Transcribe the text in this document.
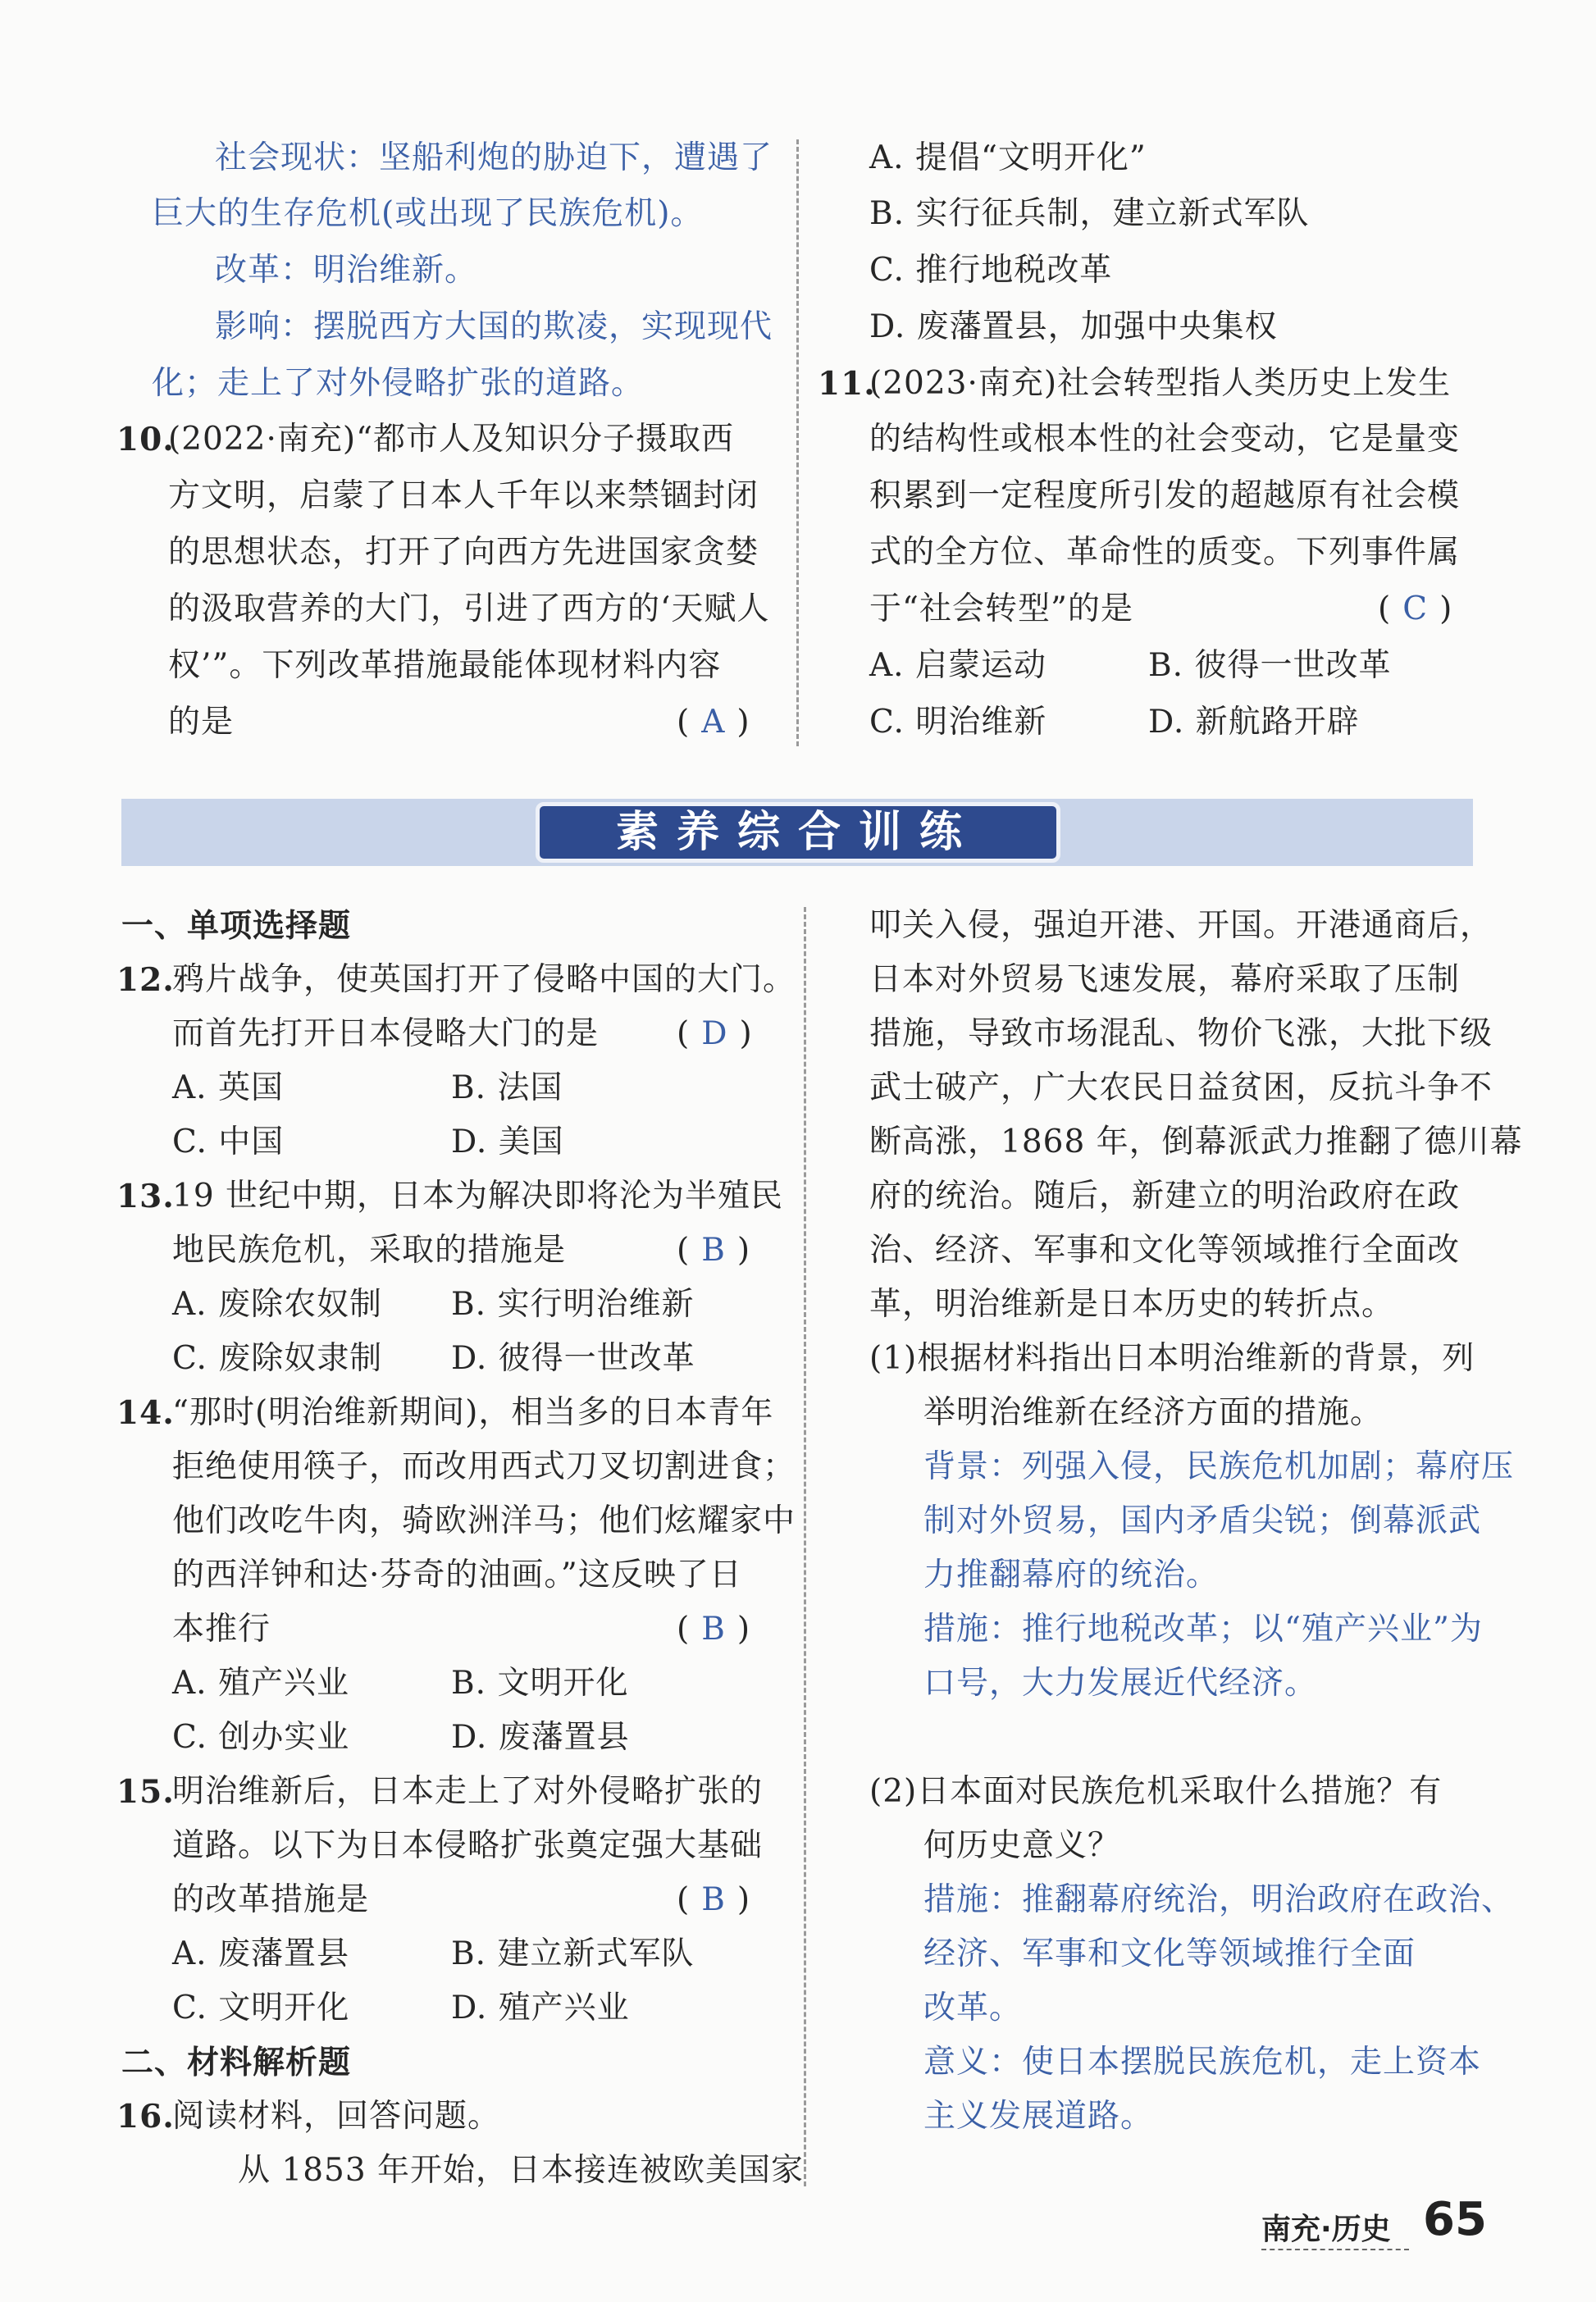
社会现状：坚船利炮的胁迫下，遭遇了
巨大的生存危机(或出现了民族危机)。
改革：明治维新。
影响：摆脱西方大国的欺凌，实现现代
化；走上了对外侵略扩张的道路。
10.
(2022·南充)“都市人及知识分子摄取西
方文明，启蒙了日本人千年以来禁锢封闭
的思想状态，打开了向西方先进国家贪婪
的汲取营养的大门，引进了西方的‘天赋人
权’”。下列改革措施最能体现材料内容
的是	( A )
A. 提倡“文明开化”
B. 实行征兵制，建立新式军队
C. 推行地税改革
D. 废藩置县，加强中央集权
11.
(2023·南充)社会转型指人类历史上发生
的结构性或根本性的社会变动，它是量变
积累到一定程度所引发的超越原有社会模
式的全方位、革命性的质变。下列事件属
于“社会转型”的是	( C )
A. 启蒙运动	B. 彼得一世改革
C. 明治维新	D. 新航路开辟
素养综合训练
一、单项选择题
12.
鸦片战争，使英国打开了侵略中国的大门。
而首先打开日本侵略大门的是 ( D )
A. 英国	B. 法国
C. 中国	D. 美国
13.
19 世纪中期，日本为解决即将沦为半殖民
地民族危机，采取的措施是	( B )
A. 废除农奴制 B. 实行明治维新
C. 废除奴隶制 D. 彼得一世改革
14.
“那时(明治维新期间)，相当多的日本青年
拒绝使用筷子，而改用西式刀叉切割进食；
他们改吃牛肉，骑欧洲洋马；他们炫耀家中
的西洋钟和达·芬奇的油画。”这反映了日
本推行	( B )
A. 殖产兴业	B. 文明开化
C. 创办实业	D. 废藩置县
15.
明治维新后，日本走上了对外侵略扩张的
道路。以下为日本侵略扩张奠定强大基础
的改革措施是	( B )
A. 废藩置县	B. 建立新式军队
C. 文明开化	D. 殖产兴业
二、材料解析题
16.
阅读材料，回答问题。
从 1853 年开始，日本接连被欧美国家
叩关入侵，强迫开港、开国。开港通商后，
日本对外贸易飞速发展，幕府采取了压制
措施，导致市场混乱、物价飞涨，大批下级
武士破产，广大农民日益贫困，反抗斗争不
断高涨，1868 年，倒幕派武力推翻了德川幕
府的统治。随后，新建立的明治政府在政
治、经济、军事和文化等领域推行全面改
革，明治维新是日本历史的转折点。
(1)根据材料指出日本明治维新的背景，列
举明治维新在经济方面的措施。
背景：列强入侵，民族危机加剧；幕府压
制对外贸易，国内矛盾尖锐；倒幕派武
力推翻幕府的统治。
措施：推行地税改革；以“殖产兴业”为
口号，大力发展近代经济。
(2)日本面对民族危机采取什么措施？有
何历史意义？
措施：推翻幕府统治，明治政府在政治、
经济、军事和文化等领域推行全面
改革。
意义：使日本摆脱民族危机，走上资本
主义发展道路。
南充·历史 65
